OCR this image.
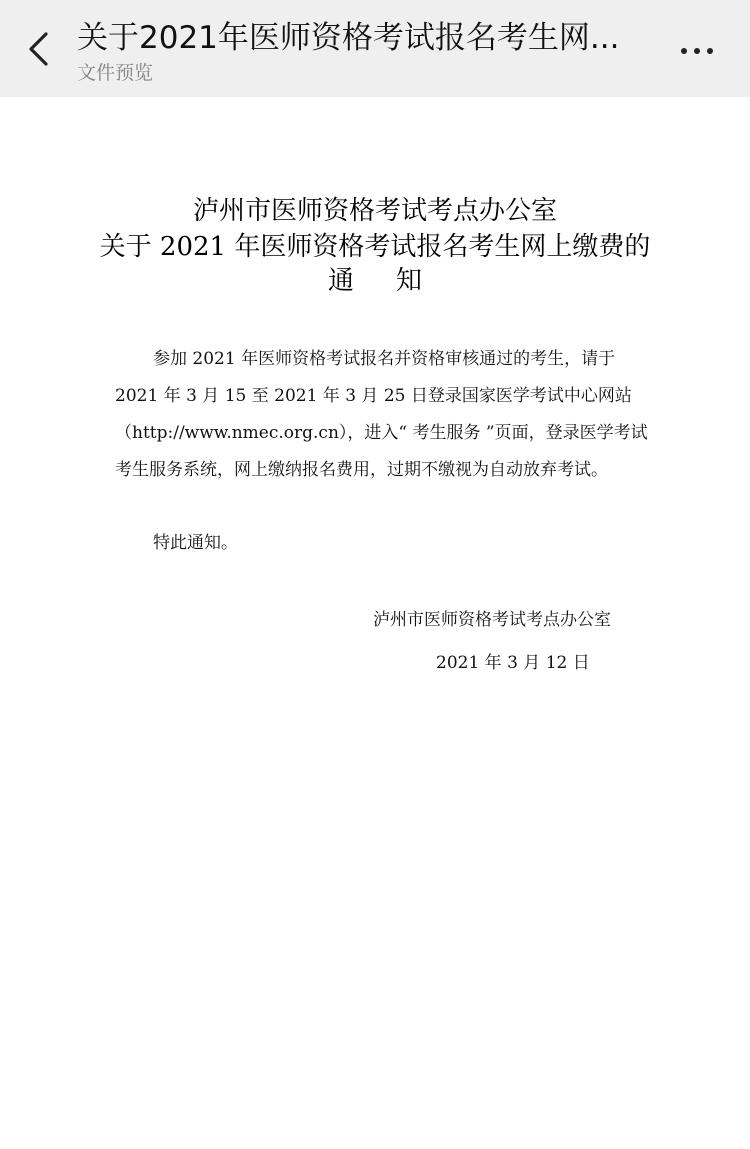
关于2021年医师资格考试报名考生网...
文件预览
泸州市医师资格考试考点办公室
关于 2021 年医师资格考试报名考生网上缴费的
通知
参加 2021 年医师资格考试报名并资格审核通过的考生，请于 2021 年 3 月 15 至 2021 年 3 月 25 日登录国家医学考试中心网站（http://www.nmec.org.cn），进入“ 考生服务 ”页面，登录医学考试考生服务系统，网上缴纳报名费用，过期不缴视为自动放弃考试。
特此通知。
泸州市医师资格考试考点办公室
2021 年 3 月 12 日
